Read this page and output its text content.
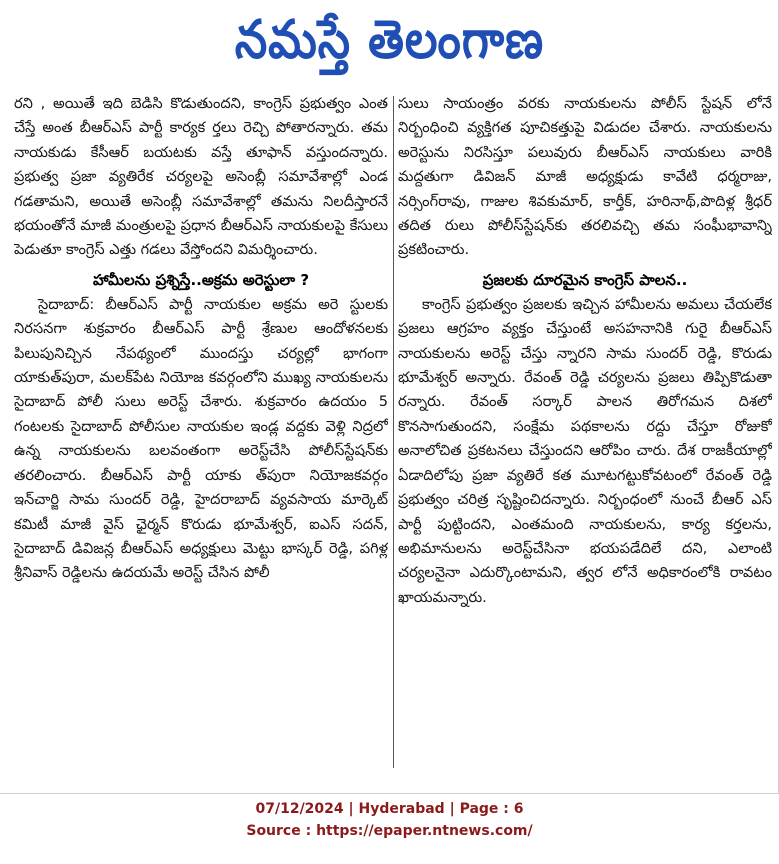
నమస్తే తెలంగాణ

రని , అయితే ఇది బెడిసి కొడుతుందని, కాంగ్రెస్ ప్రభుత్వం ఎంత చేస్తే అంత బీఆర్ఎస్ పార్టీ కార్యక ర్తలు రెచ్చి పోతారన్నారు. తమ నాయకుడు కేసీఆర్ బయటకు వస్తే తూఫాన్ వస్తుందన్నారు. ప్రభుత్వ ప్రజా వ్యతిరేక చర్యలపై అసెంబ్లీ సమావేశాల్లో ఎండ గడతామని, అయితే అసెంబ్లీ సమావేశాల్లో తమను నిలదీస్తారనే భయంతోనే మాజీ మంత్రులపై ప్రధాన బీఆర్ఎస్ నాయకులపై కేసులు పెడుతూ కాంగ్రెస్ ఎత్తు గడలు వేస్తోందని విమర్శించారు.

హామీలను ప్రశ్నిస్తే..అక్రమ అరెస్టులా ?

సైదాబాద్: బీఆర్ఎస్ పార్టీ నాయకుల అక్రమ అరె స్టులకు నిరసనగా శుక్రవారం బీఆర్ఎస్ పార్టీ శ్రేణుల ఆందోళనలకు పిలుపునిచ్చిన నేపథ్యంలో ముందస్తు చర్యల్లో భాగంగా యాకుత్‌పురా, మలక్‌పేట నియోజ కవర్గంలోని ముఖ్య నాయకులను సైదాబాద్ పోలీ సులు అరెస్ట్ చేశారు. శుక్రవారం ఉదయం 5 గంటలకు సైదాబాద్ పోలీసుల నాయకుల ఇండ్ల వద్దకు వెళ్లి నిద్రలో ఉన్న నాయకులను బలవంతంగా అరెస్ట్‌చేసి పోలీస్‌స్టేషన్‌కు తరలించారు. బీఆర్ఎస్ పార్టీ యాకు త్‌పురా నియోజకవర్గం ఇన్‌చార్జి సామ సుందర్ రెడ్డి, హైదరాబాద్ వ్యవసాయ మార్కెట్ కమిటీ మాజీ వైస్ ఛైర్మన్ కొరుడు భూమేశ్వర్, ఐఎస్ సదన్, సైదాబాద్ డివిజన్ల బీఆర్ఎస్ అధ్యక్షులు మెట్టు భాస్కర్ రెడ్డి, పగిళ్ల శ్రీనివాస్ రెడ్డిలను ఉదయమే అరెస్ట్ చేసిన పోలీ

సులు సాయంత్రం వరకు నాయకులను పోలీస్ స్టేషన్ లోనే నిర్బంధించి వ్యక్తిగత పూచికత్తుపై విడుదల చేశారు. నాయకులను అరెస్టును నిరసిస్తూ పలువురు బీఆర్ఎస్ నాయకులు వారికి మద్దతుగా డివిజన్ మాజీ అధ్యక్షుడు కావేటి ధర్మరాజు, నర్సింగ్‌రావు, గాజుల శివకుమార్, కార్తీక్, హరినాథ్,పొదిళ్ల శ్రీధర్ తదిత రులు పోలీస్‌స్టేషన్‌కు తరలివచ్చి తమ సంఘీభావాన్ని ప్రకటించారు.

ప్రజలకు దూరమైన కాంగ్రెస్ పాలన..

కాంగ్రెస్ ప్రభుత్వం ప్రజలకు ఇచ్చిన హామీలను అమలు చేయలేక ప్రజలు ఆగ్రహం వ్యక్తం చేస్తుంటే అసహనానికి గురై బీఆర్ఎస్ నాయకులను అరెస్ట్ చేస్తు న్నారని సామ సుందర్ రెడ్డి, కొరుడు భూమేశ్వర్ అన్నారు. రేవంత్ రెడ్డి చర్యలను ప్రజలు తిప్పికొడుతా రన్నారు. రేవంత్ సర్కార్ పాలన తిరోగమన దిశలో కొనసాగుతుందని, సంక్షేమ పథకాలను రద్దు చేస్తూ రోజుకో అనాలోచిత ప్రకటనలు చేస్తుందని ఆరోపిం చారు. దేశ రాజకీయాల్లో ఏడాదిలోపు ప్రజా వ్యతిరే కత మూటగట్టుకోవటంలో రేవంత్ రెడ్డి ప్రభుత్వం చరిత్ర సృష్టించిదన్నారు. నిర్బంధంలో నుంచే బీఆర్ ఎస్ పార్టీ పుట్టిందని, ఎంతమంది నాయకులను, కార్య కర్తలను, అభిమానులను అరెస్ట్‌చేసినా భయపడేదిలే దని, ఎలాంటి చర్యలనైనా ఎదుర్కొంటామని, త్వర లోనే అధికారంలోకి రావటం ఖాయమన్నారు.

07/12/2024 | Hyderabad | Page : 6
Source : https://epaper.ntnews.com/
